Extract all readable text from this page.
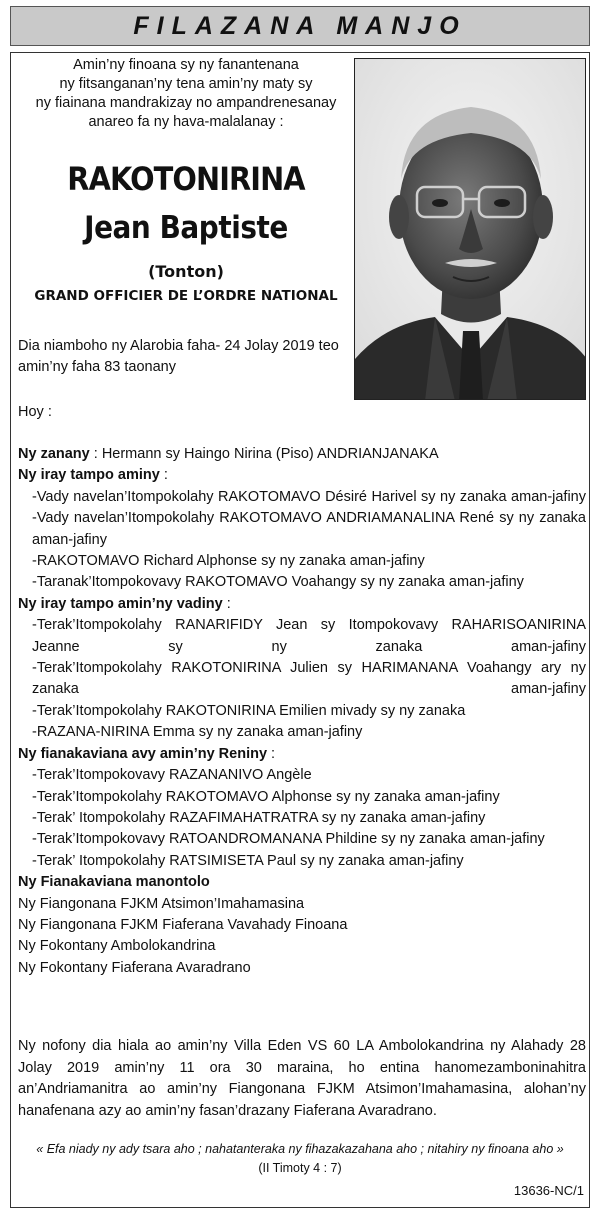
FILAZANA MANJO
Amin’ny finoana sy ny fanantenana
ny fitsanganan’ny tena amin’ny maty sy
ny fiainana mandrakizay no ampandrenesanay
anareo fa ny hava-malalanay :
RAKOTONIRINA
Jean Baptiste
(Tonton)
GRAND OFFICIER DE L’ORDRE NATIONAL
Dia niamboho ny Alarobia faha- 24 Jolay 2019 teo amin’ny faha 83 taonany
Hoy :
Ny zanany : Hermann sy Haingo Nirina (Piso) ANDRIANJANAKA
Ny iray tampo aminy :
-Vady navelan’Itompokolahy RAKOTOMAVO Désiré Harivel sy ny zanaka aman-jafiny
-Vady navelan’Itompokolahy RAKOTOMAVO ANDRIAMANALINA René sy ny zanaka aman-jafiny
-RAKOTOMAVO Richard Alphonse sy ny zanaka aman-jafiny
-Taranak’Itompokovavy RAKOTOMAVO Voahangy sy ny zanaka aman-jafiny
Ny iray tampo amin’ny vadiny :
-Terak’Itompokolahy RANARIFIDY Jean sy Itompokovavy RAHARISOANIRINA Jeanne sy ny zanaka aman-jafiny
-Terak’Itompokolahy RAKOTONIRINA Julien sy HARIMANANA Voahangy ary ny zanaka aman-jafiny
-Terak’Itompokolahy RAKOTONIRINA Emilien mivady sy ny zanaka
-RAZANA-NIRINA Emma sy ny zanaka aman-jafiny
Ny fianakaviana avy amin’ny Reniny :
-Terak’Itompokovavy RAZANANIVO Angèle
-Terak’Itompokolahy RAKOTOMAVO Alphonse sy ny zanaka aman-jafiny
-Terak’ Itompokolahy RAZAFIMAHATRATRA sy ny zanaka aman-jafiny
-Terak’Itompokovavy RATOANDROMANANA Phildine sy ny zanaka aman-jafiny
-Terak’ Itompokolahy RATSIMISETA Paul sy ny zanaka aman-jafiny
Ny Fianakaviana manontolo
Ny Fiangonana FJKM Atsimon’Imahamasina
Ny Fiangonana FJKM Fiaferana Vavahady Finoana
Ny Fokontany Ambolokandrina
Ny Fokontany Fiaferana Avaradrano
Ny nofony dia hiala ao amin’ny Villa Eden VS 60 LA Ambolokandrina ny Alahady 28 Jolay 2019 amin’ny 11 ora 30 maraina, ho entina hanomezamboninahitra an’Andriamanitra ao amin’ny Fiangonana FJKM Atsimon’Imahamasina, alohan’ny hanafenana azy ao amin’ny fasan’drazany Fiaferana Avaradrano.
« Efa niady ny ady tsara aho ; nahatanteraka ny fihazakazahana aho ; nitahiry ny finoana aho »
(II Timoty 4 : 7)
13636-NC/1
